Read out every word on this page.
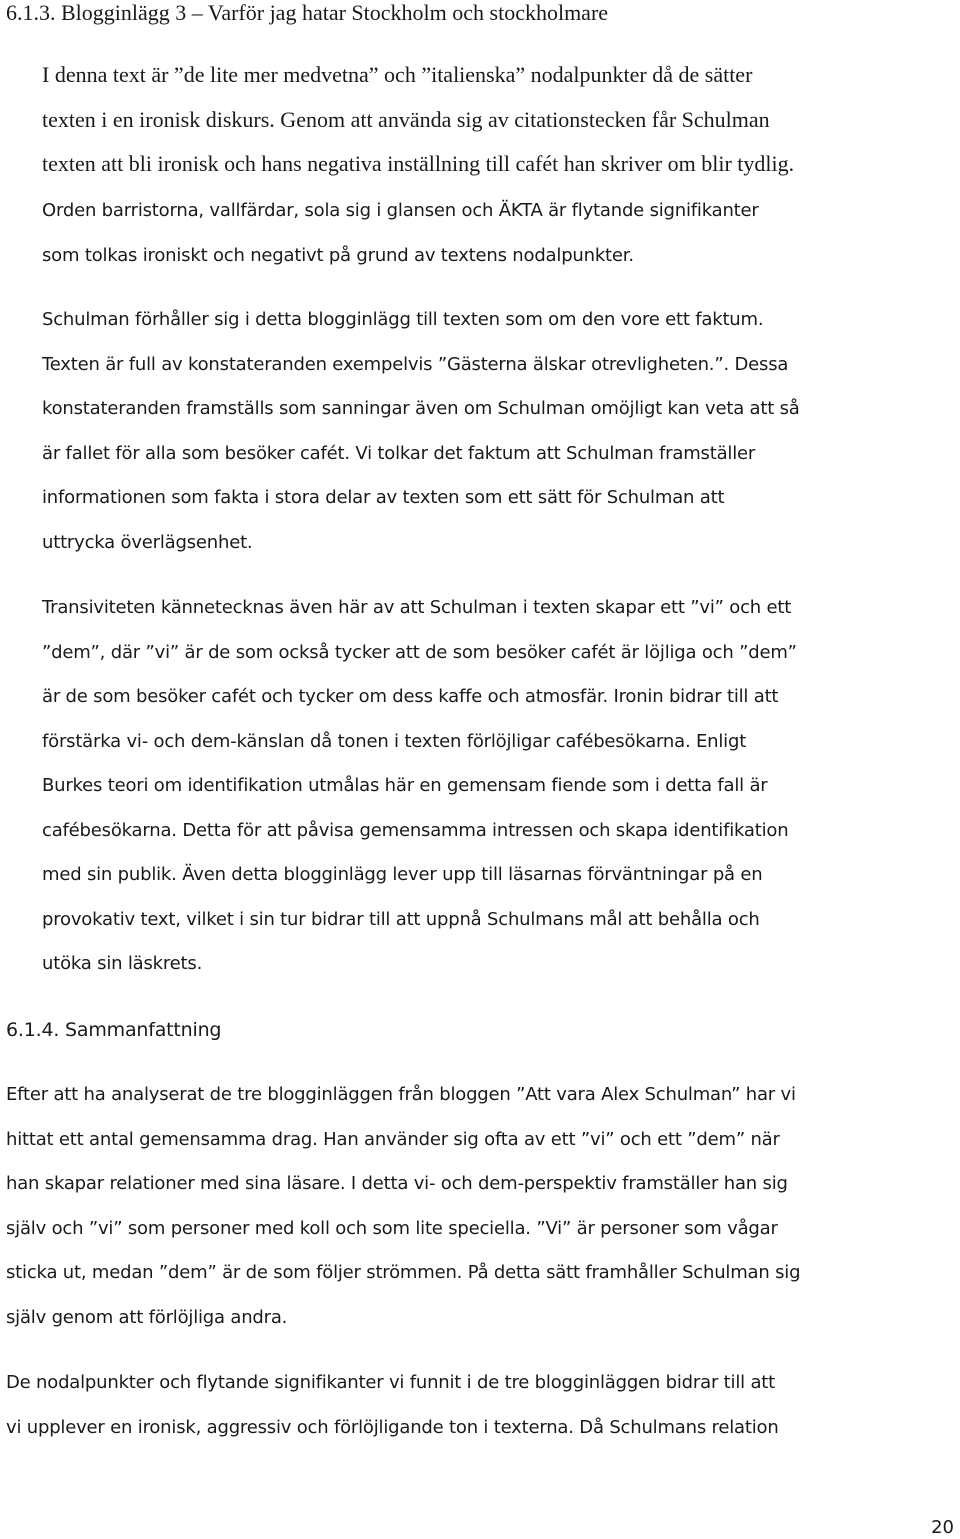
6.1.3. Blogginlägg 3 – Varför jag hatar Stockholm och stockholmare

I denna text är ”de lite mer medvetna” och ”italienska” nodalpunkter då de sätter
texten i en ironisk diskurs. Genom att använda sig av citationstecken får Schulman
texten att bli ironisk och hans negativa inställning till cafét han skriver om blir tydlig.

Orden barristorna, vallfärdar, sola sig i glansen och ÄKTA är flytande signifikanter
som tolkas ironiskt och negativt på grund av textens nodalpunkter.

Schulman förhåller sig i detta blogginlägg till texten som om den vore ett faktum.
Texten är full av konstateranden exempelvis ”Gästerna älskar otrevligheten.”. Dessa
konstateranden framställs som sanningar även om Schulman omöjligt kan veta att så
är fallet för alla som besöker cafét. Vi tolkar det faktum att Schulman framställer
informationen som fakta i stora delar av texten som ett sätt för Schulman att
uttrycka överlägsenhet.

Transiviteten kännetecknas även här av att Schulman i texten skapar ett ”vi” och ett
”dem”, där ”vi” är de som också tycker att de som besöker cafét är löjliga och ”dem”
är de som besöker cafét och tycker om dess kaffe och atmosfär. Ironin bidrar till att
förstärka vi- och dem-känslan då tonen i texten förlöjligar cafébesökarna. Enligt
Burkes teori om identifikation utmålas här en gemensam fiende som i detta fall är
cafébesökarna. Detta för att påvisa gemensamma intressen och skapa identifikation
med sin publik. Även detta blogginlägg lever upp till läsarnas förväntningar på en
provokativ text, vilket i sin tur bidrar till att uppnå Schulmans mål att behålla och
utöka sin läskrets.

6.1.4. Sammanfattning

Efter att ha analyserat de tre blogginläggen från bloggen ”Att vara Alex Schulman” har vi
hittat ett antal gemensamma drag. Han använder sig ofta av ett ”vi” och ett ”dem” när
han skapar relationer med sina läsare. I detta vi- och dem-perspektiv framställer han sig
själv och ”vi” som personer med koll och som lite speciella. ”Vi” är personer som vågar
sticka ut, medan ”dem” är de som följer strömmen. På detta sätt framhåller Schulman sig
själv genom att förlöjliga andra.

De nodalpunkter och flytande signifikanter vi funnit i de tre blogginläggen bidrar till att
vi upplever en ironisk, aggressiv och förlöjligande ton i texterna. Då Schulmans relation

20
